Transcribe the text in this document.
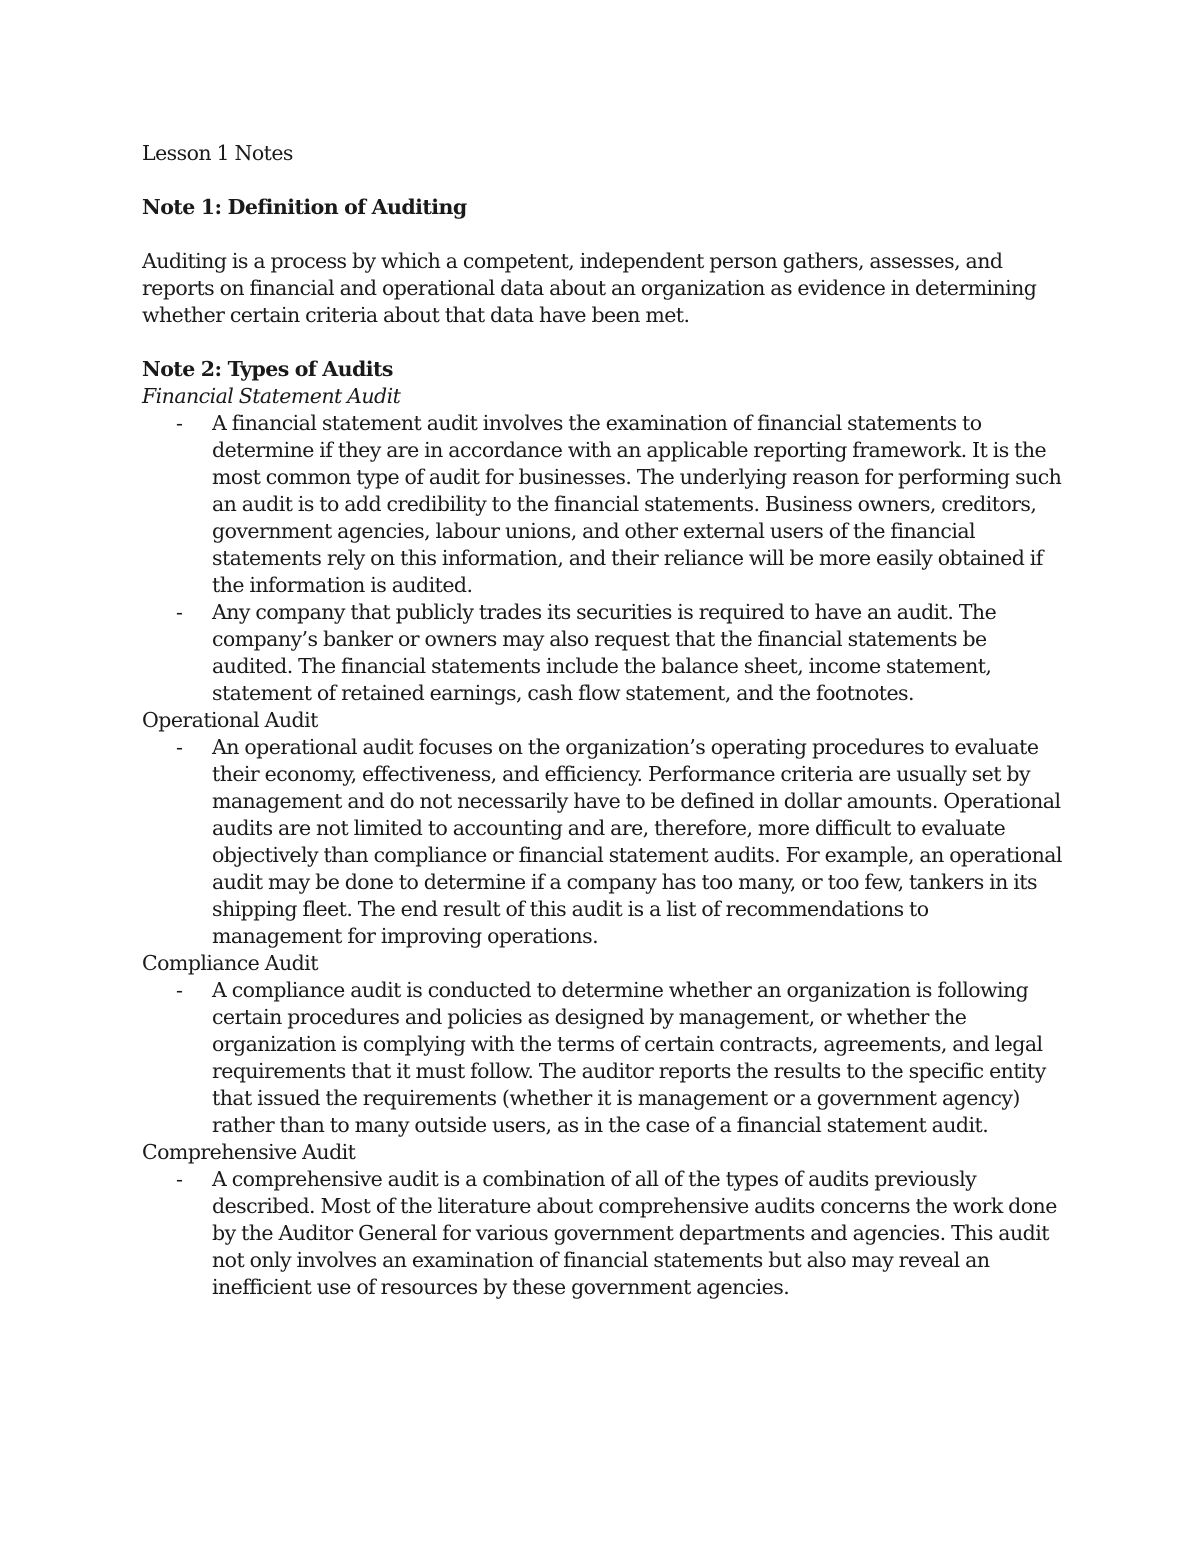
Lesson 1 Notes

Note 1: Definition of Auditing

Auditing is a process by which a competent, independent person gathers, assesses, and reports on financial and operational data about an organization as evidence in determining whether certain criteria about that data have been met.

Note 2: Types of Audits

Financial Statement Audit

- A financial statement audit involves the examination of financial statements to determine if they are in accordance with an applicable reporting framework. It is the most common type of audit for businesses. The underlying reason for performing such an audit is to add credibility to the financial statements. Business owners, creditors, government agencies, labour unions, and other external users of the financial statements rely on this information, and their reliance will be more easily obtained if the information is audited.
- Any company that publicly trades its securities is required to have an audit. The company’s banker or owners may also request that the financial statements be audited. The financial statements include the balance sheet, income statement, statement of retained earnings, cash flow statement, and the footnotes.

Operational Audit

- An operational audit focuses on the organization’s operating procedures to evaluate their economy, effectiveness, and efficiency. Performance criteria are usually set by management and do not necessarily have to be defined in dollar amounts. Operational audits are not limited to accounting and are, therefore, more difficult to evaluate objectively than compliance or financial statement audits. For example, an operational audit may be done to determine if a company has too many, or too few, tankers in its shipping fleet. The end result of this audit is a list of recommendations to management for improving operations.

Compliance Audit

- A compliance audit is conducted to determine whether an organization is following certain procedures and policies as designed by management, or whether the organization is complying with the terms of certain contracts, agreements, and legal requirements that it must follow. The auditor reports the results to the specific entity that issued the requirements (whether it is management or a government agency) rather than to many outside users, as in the case of a financial statement audit.

Comprehensive Audit

- A comprehensive audit is a combination of all of the types of audits previously described. Most of the literature about comprehensive audits concerns the work done by the Auditor General for various government departments and agencies. This audit not only involves an examination of financial statements but also may reveal an inefficient use of resources by these government agencies.
